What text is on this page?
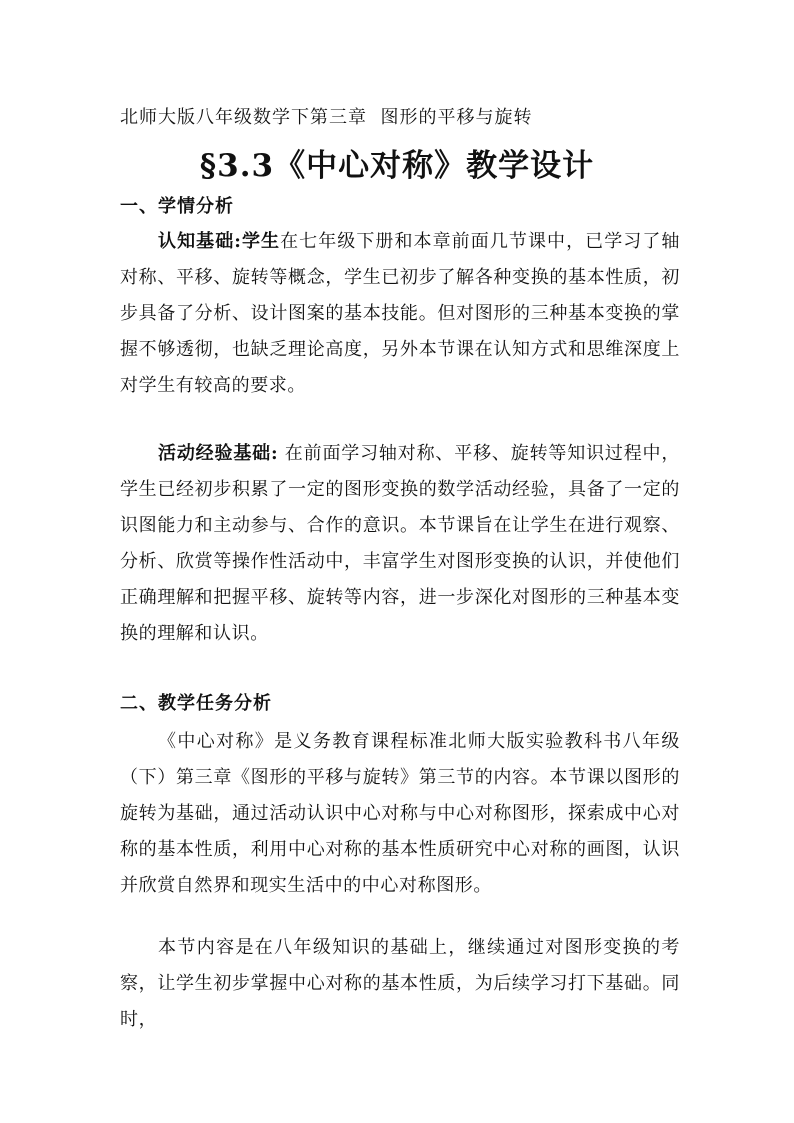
北师大版八年级数学下第三章  图形的平移与旋转
§3.3《中心对称》教学设计
一、学情分析
认知基础:学生在七年级下册和本章前面几节课中，已学习了轴对称、平移、旋转等概念，学生已初步了解各种变换的基本性质，初步具备了分析、设计图案的基本技能。但对图形的三种基本变换的掌握不够透彻，也缺乏理论高度，另外本节课在认知方式和思维深度上对学生有较高的要求。
活动经验基础: 在前面学习轴对称、平移、旋转等知识过程中，学生已经初步积累了一定的图形变换的数学活动经验，具备了一定的识图能力和主动参与、合作的意识。本节课旨在让学生在进行观察、分析、欣赏等操作性活动中，丰富学生对图形变换的认识，并使他们正确理解和把握平移、旋转等内容，进一步深化对图形的三种基本变换的理解和认识。
二、教学任务分析
《中心对称》是义务教育课程标准北师大版实验教科书八年级（下）第三章《图形的平移与旋转》第三节的内容。本节课以图形的旋转为基础，通过活动认识中心对称与中心对称图形，探索成中心对称的基本性质，利用中心对称的基本性质研究中心对称的画图，认识并欣赏自然界和现实生活中的中心对称图形。
本节内容是在八年级知识的基础上，继续通过对图形变换的考察，让学生初步掌握中心对称的基本性质，为后续学习打下基础。同时，
